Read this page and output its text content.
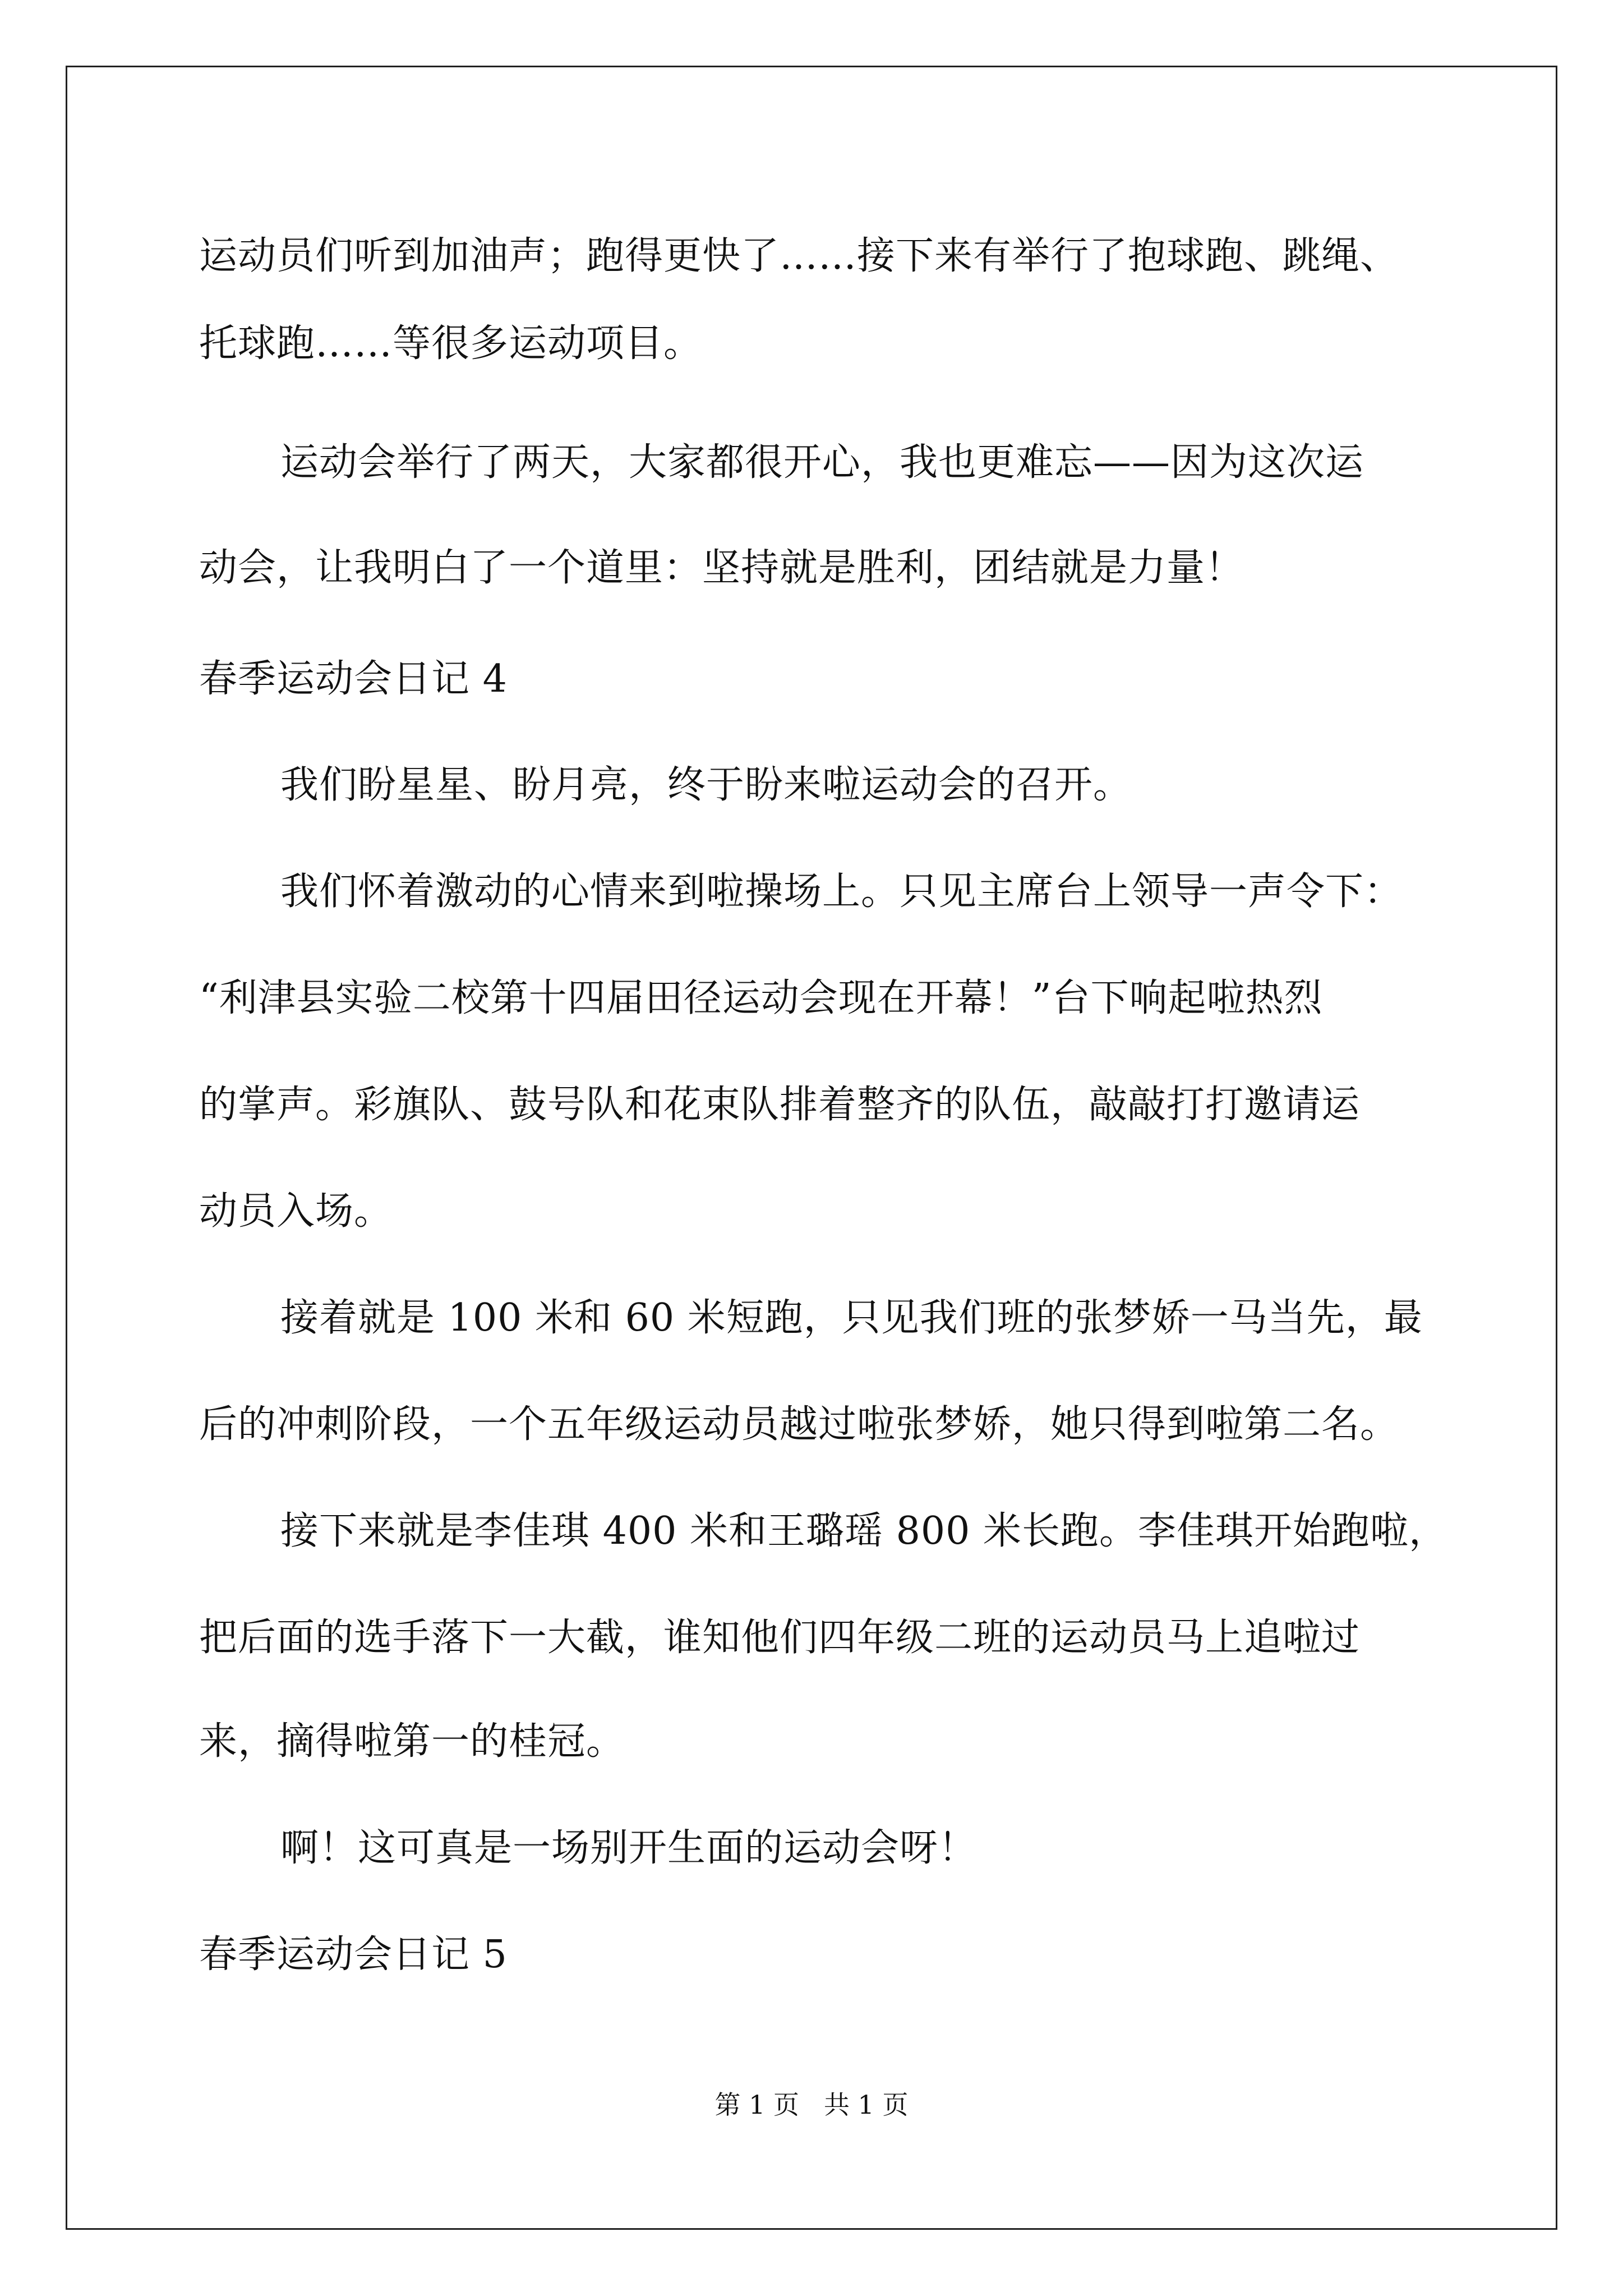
运动员们听到加油声；跑得更快了……接下来有举行了抱球跑、跳绳、
托球跑……等很多运动项目。
运动会举行了两天，大家都很开心，我也更难忘——因为这次运
动会，让我明白了一个道里：坚持就是胜利，团结就是力量！
春季运动会日记 4
我们盼星星、盼月亮，终于盼来啦运动会的召开。
我们怀着激动的心情来到啦操场上。只见主席台上领导一声令下：
“利津县实验二校第十四届田径运动会现在开幕！”台下响起啦热烈
的掌声。彩旗队、鼓号队和花束队排着整齐的队伍，敲敲打打邀请运
动员入场。
接着就是 100 米和 60 米短跑，只见我们班的张梦娇一马当先，最
后的冲刺阶段，一个五年级运动员越过啦张梦娇，她只得到啦第二名。
接下来就是李佳琪 400 米和王璐瑶 800 米长跑。李佳琪开始跑啦，
把后面的选手落下一大截，谁知他们四年级二班的运动员马上追啦过
来，摘得啦第一的桂冠。
啊！这可真是一场别开生面的运动会呀！
春季运动会日记 5
第 1 页 共 1 页
